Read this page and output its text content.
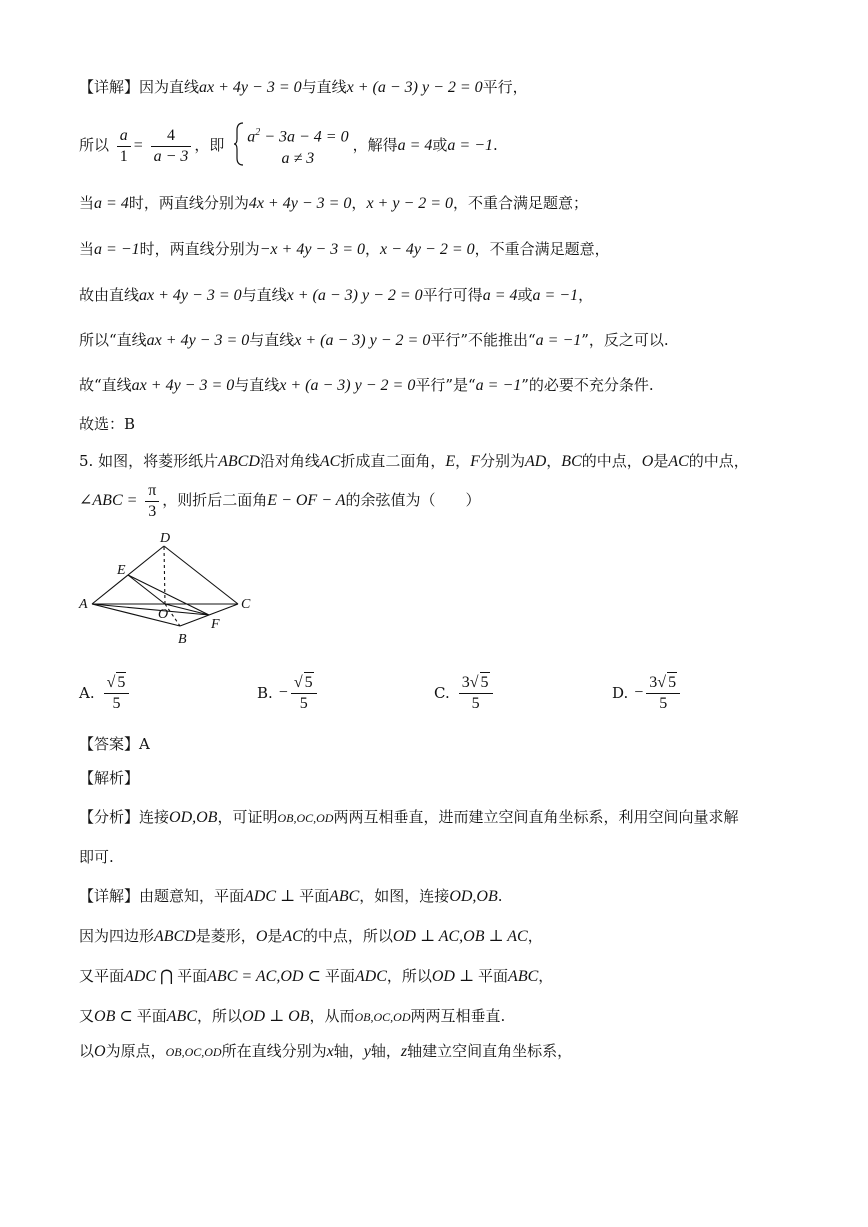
【详解】因为直线ax + 4y − 3 = 0与直线x + (a − 3) y − 2 = 0平行，
所以 $\frac{a}{1} = \frac{4}{a - 3}$ ，即 $a^2 - 3a - 4 = 0$
a ≠ 3
，解得a = 4或a = −1.
当a = 4时，两直线分别为4x + 4y − 3 = 0，x + y − 2 = 0，不重合满足题意；
当a = −1时，两直线分别为−x + 4y − 3 = 0，x − 4y − 2 = 0，不重合满足题意，
故由直线ax + 4y − 3 = 0与直线x + (a − 3) y − 2 = 0平行可得a = 4或a = −1，
所以“直线ax + 4y − 3 = 0与直线x + (a − 3) y − 2 = 0平行”不能推出“a = −1”，反之可以.
故“直线ax + 4y − 3 = 0与直线x + (a − 3) y − 2 = 0平行”是“a = −1”的必要不充分条件.
故选：B
5. 如图，将菱形纸片ABCD沿对角线AC折成直二面角，E，F分别为AD，BC的中点，O是AC的中点，
∠ABC = $\frac{\pi}{3}$ ，则折后二面角E − OF − A的余弦值为（　　）
D
E
A
O
C
F
B
A. $\frac{√ 5}{5}$	B. − $\frac{√ 5}{5}$	C. $\frac{3√ 5}{5}$	D. − $\frac{3√ 5}{5}$
【答案】A
【解析】
【分析】连接OD,OB，可证明OB,OC,OD两两互相垂直，进而建立空间直角坐标系，利用空间向量求解
即可.
【详解】由题意知，平面ADC ⊥ 平面ABC，如图，连接OD,OB.
因为四边形ABCD是菱形，O是AC的中点，所以OD ⊥ AC,OB ⊥ AC，
又平面ADC ⋂ 平面ABC = AC,OD ⊂ 平面ADC，所以OD ⊥ 平面ABC，
又OB ⊂ 平面ABC，所以OD ⊥ OB，从而OB,OC,OD两两互相垂直.
以O为原点，OB,OC,OD所在直线分别为x轴，y轴，z轴建立空间直角坐标系，
